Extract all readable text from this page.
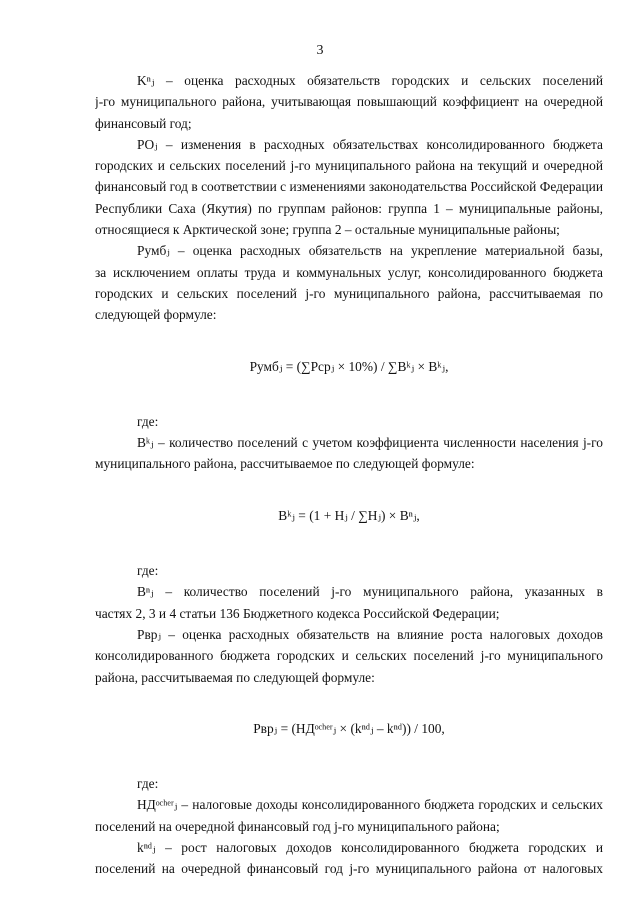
3
Kⁿⱼ – оценка расходных обязательств городских и сельских поселений
j-го муниципального района, учитывающая повышающий коэффициент на очередной
финансовый год;
POⱼ – изменения в расходных обязательствах консолидированного бюджета
городских и сельских поселений j-го муниципального района на текущий и очередной
финансовый год в соответствии с изменениями законодательства Российской Федерации
Республики Саха (Якутия) по группам районов: группа 1 – муниципальные районы,
относящиеся к Арктической зоне; группа 2 – остальные муниципальные районы;
Pумбⱼ – оценка расходных обязательств на укрепление материальной базы,
за исключением оплаты труда и коммунальных услуг, консолидированного бюджета
городских и сельских поселений j-го муниципального района, рассчитываемая по
следующей формуле:
Pумбⱼ = (∑Pcpⱼ × 10%) / ∑Bᵏⱼ × Bᵏⱼ,
где:
Bᵏⱼ – количество поселений с учетом коэффициента численности населения j-го
муниципального района, рассчитываемое по следующей формуле:
Bᵏⱼ = (1 + Hⱼ / ∑Hⱼ) × Bⁿⱼ,
где:
Bⁿⱼ – количество поселений j-го муниципального района, указанных в
частях 2, 3 и 4 статьи 136 Бюджетного кодекса Российской Федерации;
Pврⱼ – оценка расходных обязательств на влияние роста налоговых доходов
консолидированного бюджета городских и сельских поселений j-го муниципального
района, рассчитываемая по следующей формуле:
Pврⱼ = (НДᵒᶜʰᵉʳⱼ × (kⁿᵈⱼ – kⁿᵈ)) / 100,
где:
НДᵒᶜʰᵉʳⱼ – налоговые доходы консолидированного бюджета городских и сельских
поселений на очередной финансовый год j-го муниципального района;
kⁿᵈⱼ – рост налоговых доходов консолидированного бюджета городских и
поселений на очередной финансовый год j-го муниципального района от налоговых
